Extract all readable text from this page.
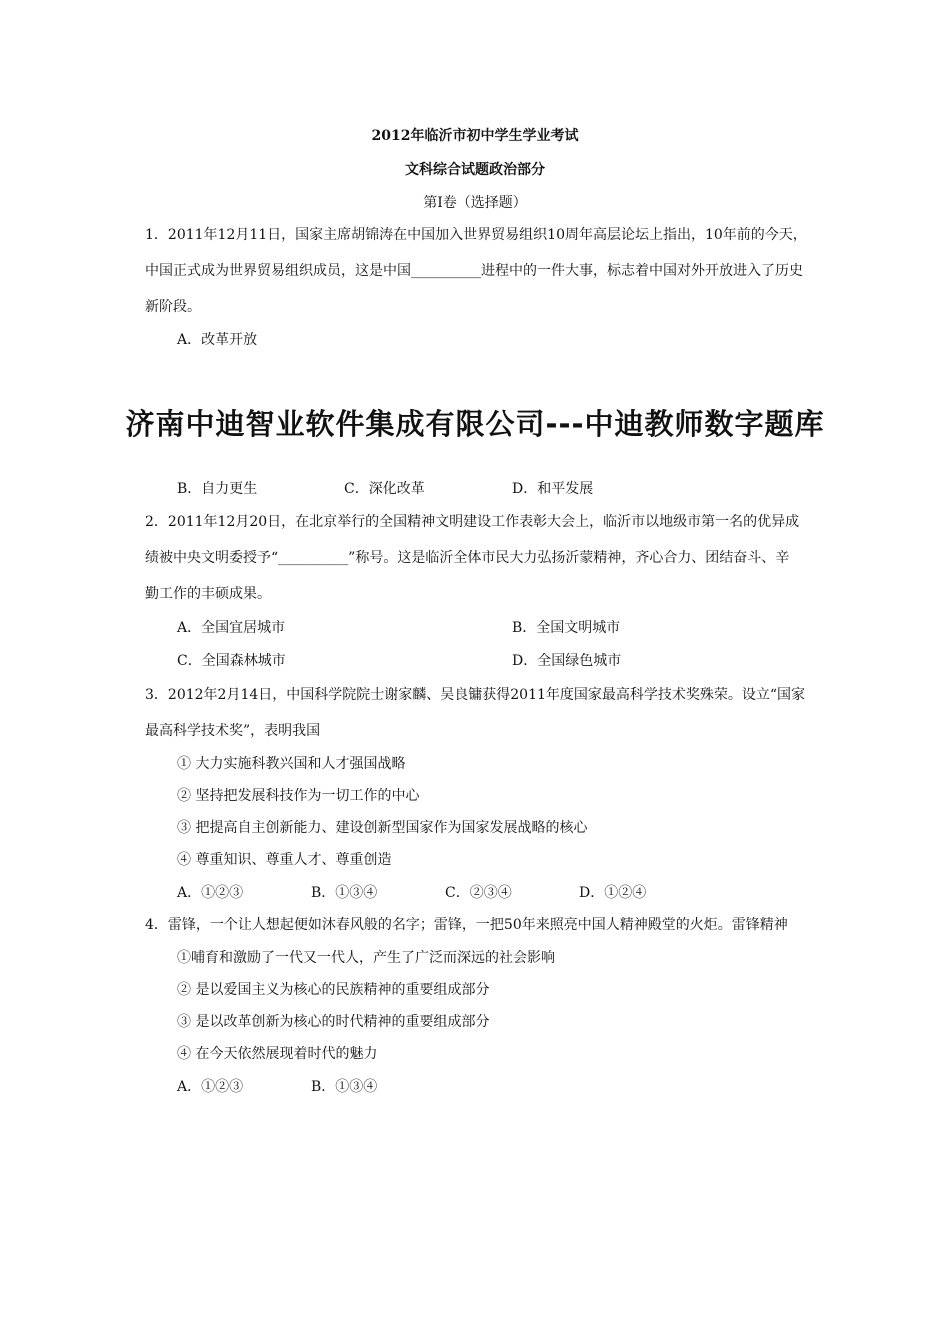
2012年临沂市初中学生学业考试
文科综合试题政治部分
第Ⅰ卷（选择题）
1．2011年12月11日，国家主席胡锦涛在中国加入世界贸易组织10周年高层论坛上指出，10年前的今天，
中国正式成为世界贸易组织成员，这是中国__________进程中的一件大事，标志着中国对外开放进入了历史
新阶段。
A．改革开放
济南中迪智业软件集成有限公司---中迪教师数字题库
B．自力更生	C．深化改革	D．和平发展
2．2011年12月20日，在北京举行的全国精神文明建设工作表彰大会上，临沂市以地级市第一名的优异成
绩被中央文明委授予“__________”称号。这是临沂全体市民大力弘扬沂蒙精神，齐心合力、团结奋斗、辛
勤工作的丰硕成果。
A．全国宜居城市	B．全国文明城市
C．全国森林城市	D．全国绿色城市
3．2012年2月14日，中国科学院院士谢家麟、吴良镛获得2011年度国家最高科学技术奖殊荣。设立“国家
最高科学技术奖”，表明我国
① 大力实施科教兴国和人才强国战略
② 坚持把发展科技作为一切工作的中心
③ 把提高自主创新能力、建设创新型国家作为国家发展战略的核心
④ 尊重知识、尊重人才、尊重创造
A．①②③	B．①③④	C．②③④	D．①②④
4．雷锋，一个让人想起便如沐春风般的名字；雷锋，一把50年来照亮中国人精神殿堂的火炬。雷锋精神
①哺育和激励了一代又一代人，产生了广泛而深远的社会影响
② 是以爱国主义为核心的民族精神的重要组成部分
③ 是以改革创新为核心的时代精神的重要组成部分
④ 在今天依然展现着时代的魅力
A．①②③	B．①③④
